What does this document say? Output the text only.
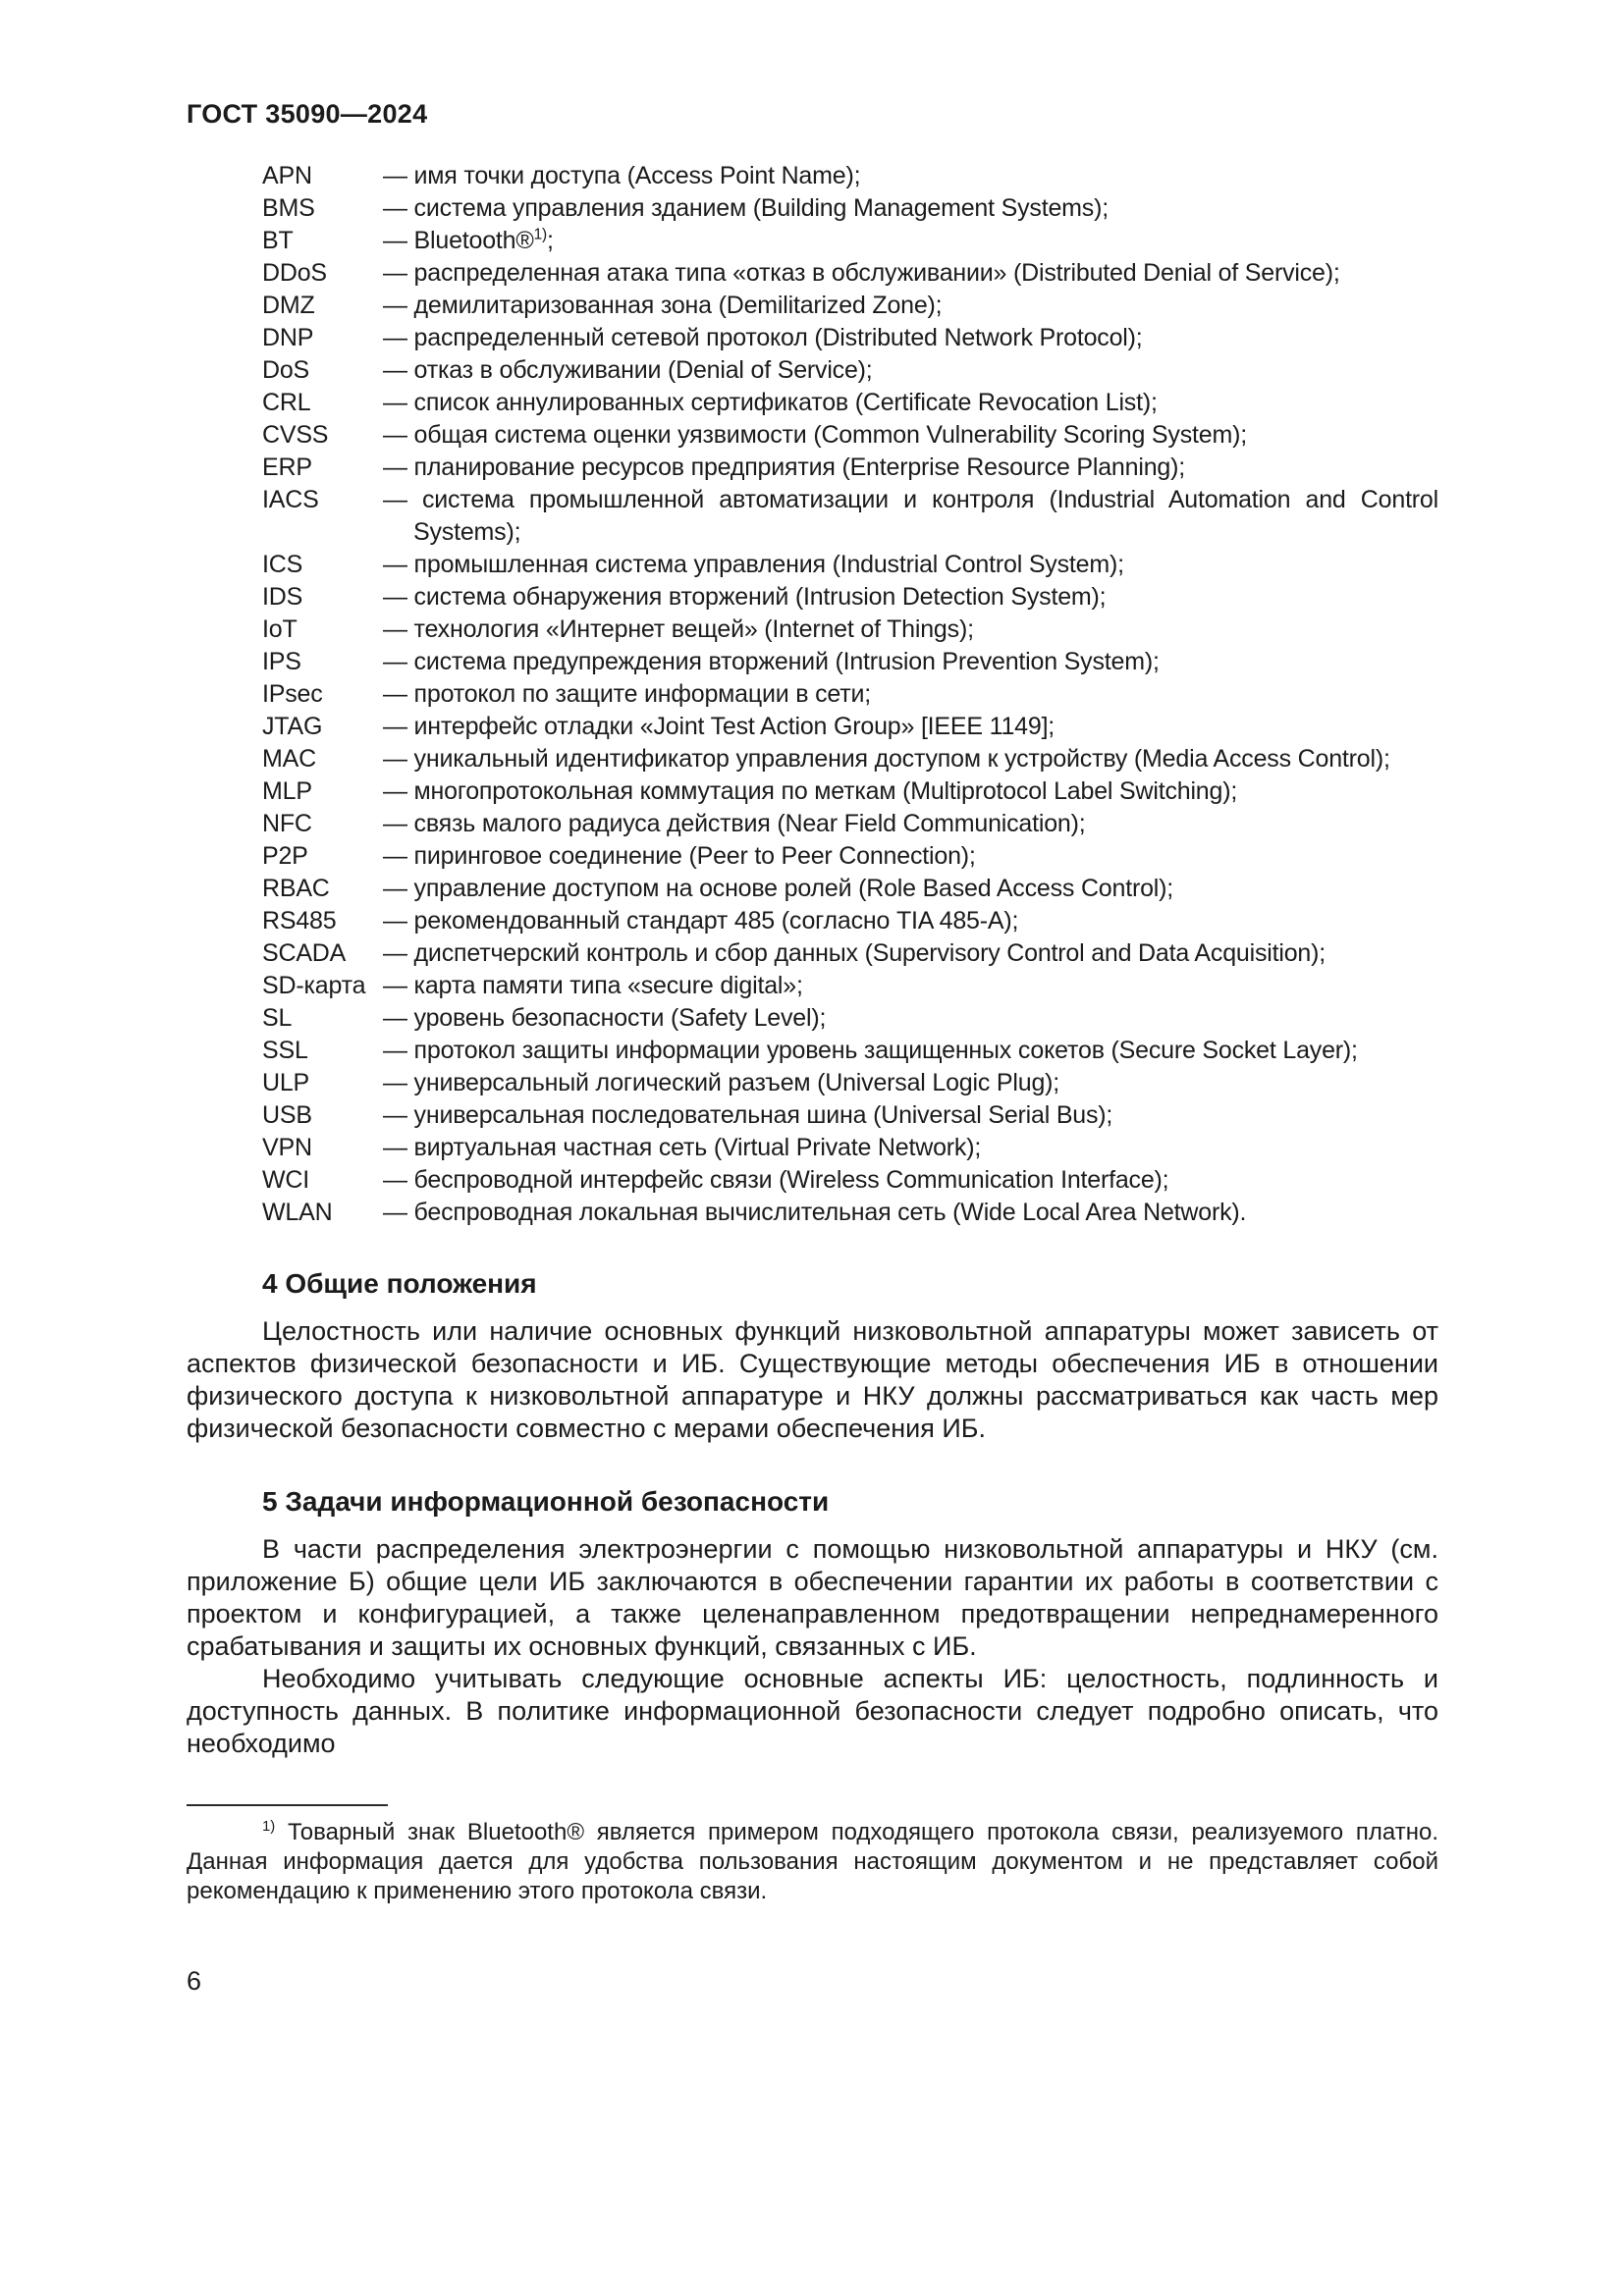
ГОСТ 35090—2024
APN	— имя точки доступа (Access Point Name);
BMS	— система управления зданием (Building Management Systems);
BT	— Bluetooth®$^{1)}$;
DDoS	— распределенная атака типа «отказ в обслуживании» (Distributed Denial of Service);
DMZ	— демилитаризованная зона (Demilitarized Zone);
DNP	— распределенный сетевой протокол (Distributed Network Protocol);
DoS	— отказ в обслуживании (Denial of Service);
CRL	— список аннулированных сертификатов (Certificate Revocation List);
CVSS	— общая система оценки уязвимости (Common Vulnerability Scoring System);
ERP	— планирование ресурсов предприятия (Enterprise Resource Planning);
IACS	— система промышленной автоматизации и контроля (Industrial Automation and Control Systems);
ICS	— промышленная система управления (Industrial Control System);
IDS	— система обнаружения вторжений (Intrusion Detection System);
IoT	— технология «Интернет вещей» (Internet of Things);
IPS	— система предупреждения вторжений (Intrusion Prevention System);
IPsec	— протокол по защите информации в сети;
JTAG	— интерфейс отладки «Joint Test Action Group» [IEEE 1149];
MAC	— уникальный идентификатор управления доступом к устройству (Media Access Control);
MLP	— многопротокольная коммутация по меткам (Multiprotocol Label Switching);
NFC	— связь малого радиуса действия (Near Field Communication);
P2P	— пиринговое соединение (Peer to Peer Connection);
RBAC	— управление доступом на основе ролей (Role Based Access Control);
RS485	— рекомендованный стандарт 485 (согласно TIA 485-A);
SCADA	— диспетчерский контроль и сбор данных (Supervisory Control and Data Acquisition);
SD-карта — карта памяти типа «secure digital»;
SL	— уровень безопасности (Safety Level);
SSL	— протокол защиты информации уровень защищенных сокетов (Secure Socket Layer);
ULP	— универсальный логический разъем (Universal Logic Plug);
USB	— универсальная последовательная шина (Universal Serial Bus);
VPN	— виртуальная частная сеть (Virtual Private Network);
WCI	— беспроводной интерфейс связи (Wireless Communication Interface);
WLAN	— беспроводная локальная вычислительная сеть (Wide Local Area Network).
4 Общие положения

Целостность или наличие основных функций низковольтной аппаратуры может зависеть от аспектов физической безопасности и ИБ. Существующие методы обеспечения ИБ в отношении физического доступа к низковольтной аппаратуре и НКУ должны рассматриваться как часть мер физической безопасности совместно с мерами обеспечения ИБ.

5 Задачи информационной безопасности

В части распределения электроэнергии с помощью низковольтной аппаратуры и НКУ (см. приложение Б) общие цели ИБ заключаются в обеспечении гарантии их работы в соответствии с проектом и конфигурацией, а также целенаправленном предотвращении непреднамеренного срабатывания и защиты их основных функций, связанных с ИБ.

Необходимо учитывать следующие основные аспекты ИБ: целостность, подлинность и доступность данных. В политике информационной безопасности следует подробно описать, что необходимо

$^{1)}$ Товарный знак Bluetooth® является примером подходящего протокола связи, реализуемого платно. Данная информация дается для удобства пользования настоящим документом и не представляет собой рекомендацию к применению этого протокола связи.

6
